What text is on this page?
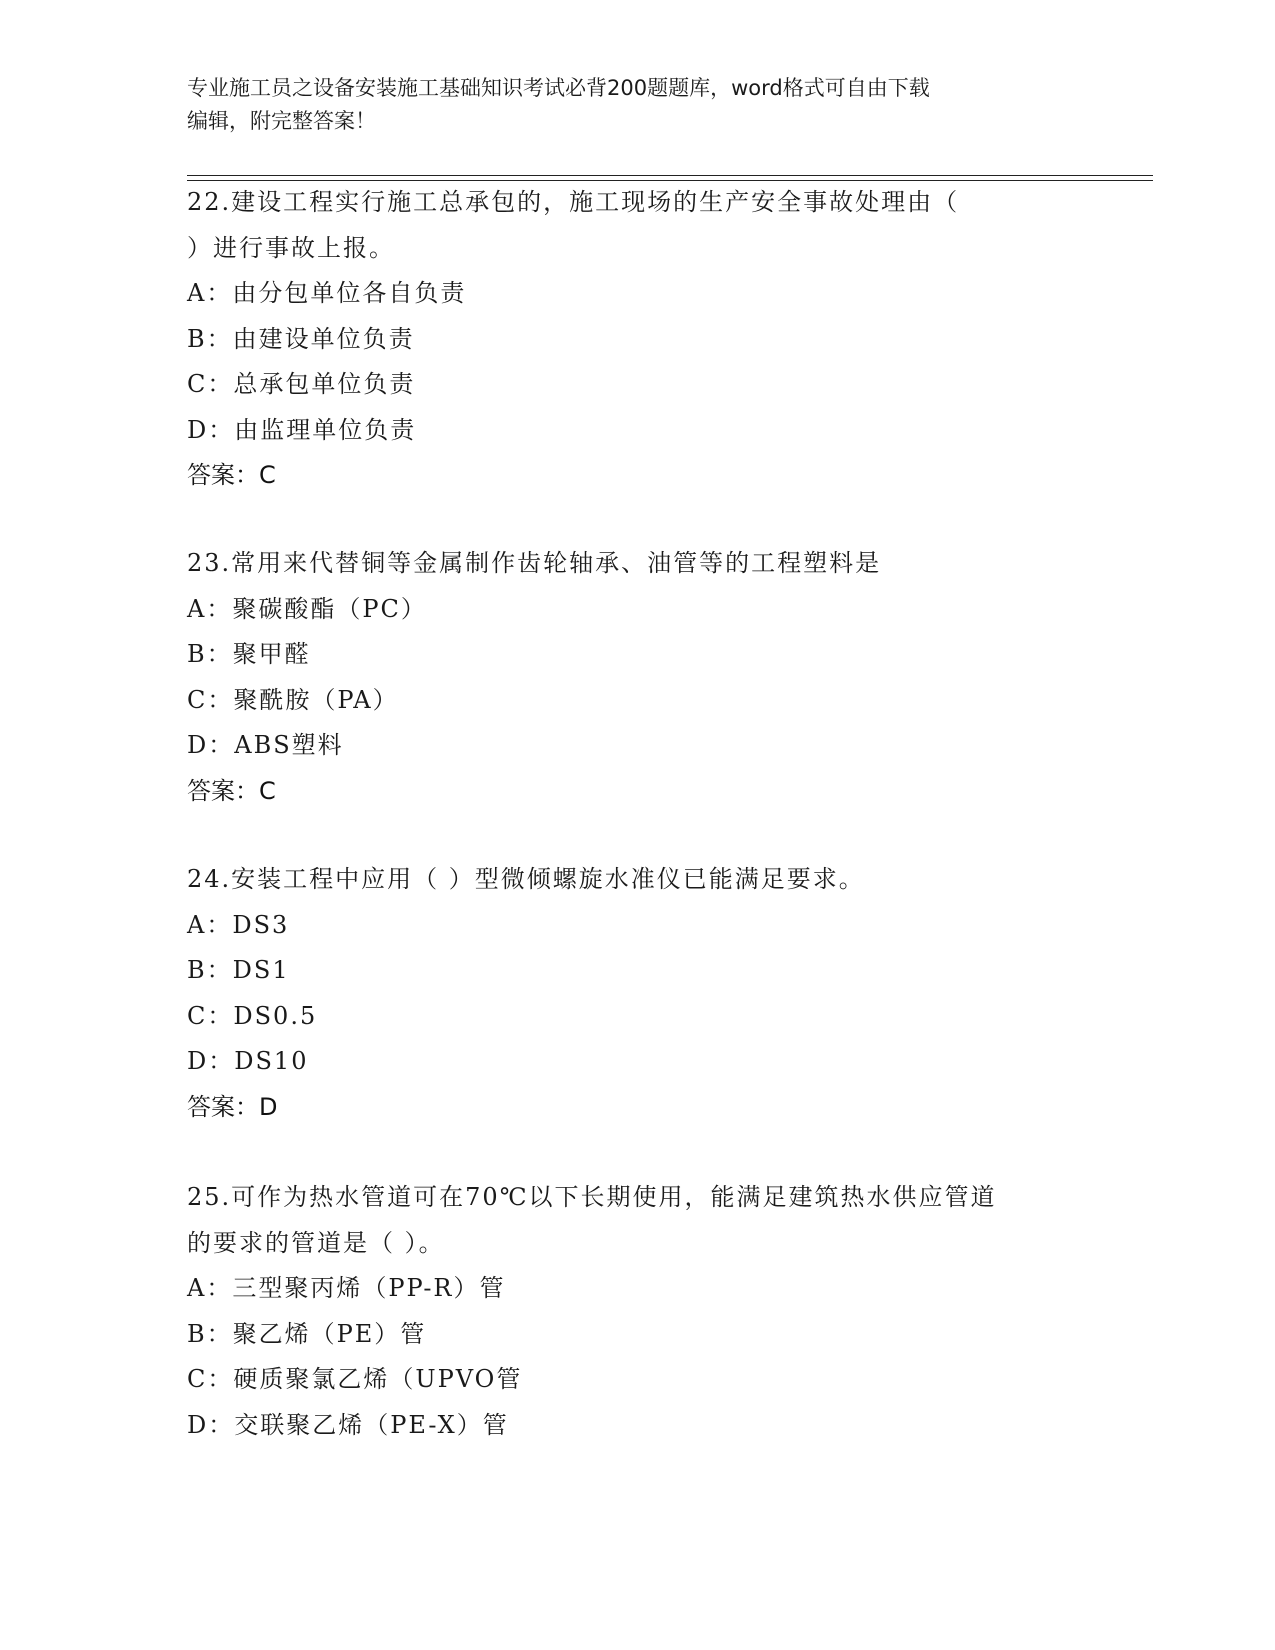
专业施工员之设备安装施工基础知识考试必背200题题库，word格式可自由下载
编辑，附完整答案！
22.建设工程实行施工总承包的，施工现场的生产安全事故处理由（
）进行事故上报。
A：由分包单位各自负责
B：由建设单位负责
C：总承包单位负责
D：由监理单位负责
答案：C
23.常用来代替铜等金属制作齿轮轴承、油管等的工程塑料是
A：聚碳酸酯（PC）
B：聚甲醛
C：聚酰胺（PA）
D：ABS塑料
答案：C
24.安装工程中应用（ ）型微倾螺旋水准仪已能满足要求。
A：DS3
B：DS1
C：DS0.5
D：DS10
答案：D
25.可作为热水管道可在70℃以下长期使用，能满足建筑热水供应管道
的要求的管道是（ ）。
A：三型聚丙烯（PP-R）管
B：聚乙烯（PE）管
C：硬质聚氯乙烯（UPVO管
D：交联聚乙烯（PE-X）管
